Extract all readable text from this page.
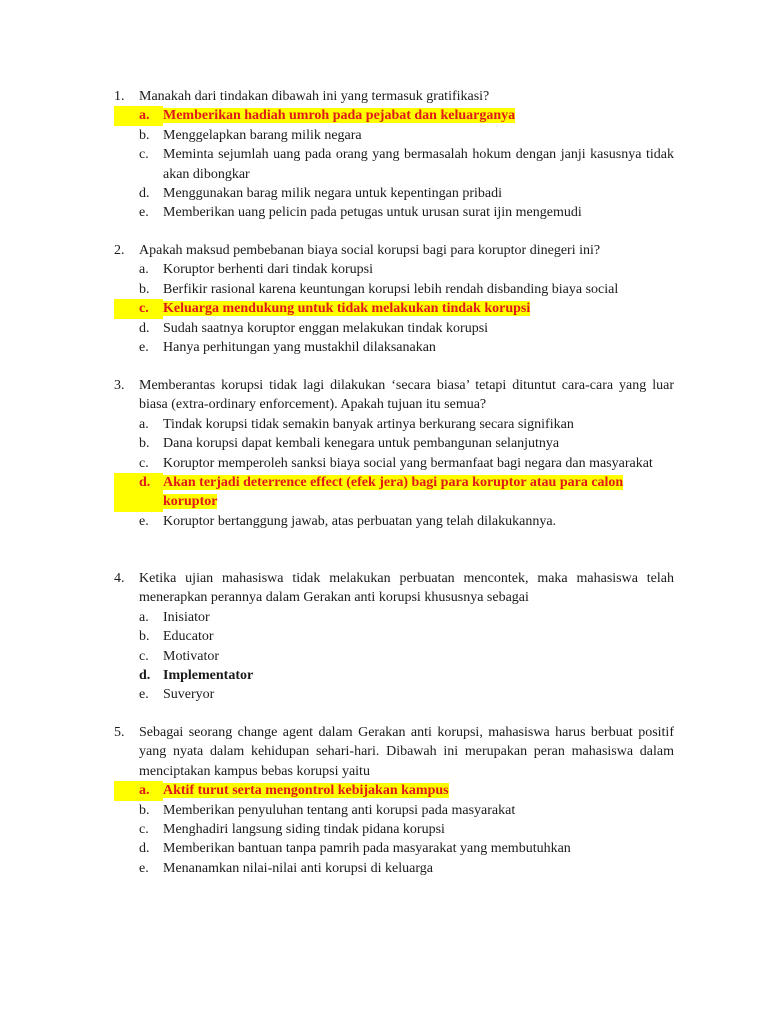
1.	Manakah dari tindakan dibawah ini yang termasuk gratifikasi?
a. Memberikan hadiah umroh pada pejabat dan keluarganya
b. Menggelapkan barang milik negara
c.	Meminta sejumlah uang pada orang yang bermasalah hokum dengan janji kasusnya tidak akan dibongkar
d. Menggunakan barag milik negara untuk kepentingan pribadi
e.	Memberikan uang pelicin pada petugas untuk urusan surat ijin mengemudi
2.	Apakah maksud pembebanan biaya social korupsi bagi para koruptor dinegeri ini?
a.	Koruptor berhenti dari tindak korupsi
b. Berfikir rasional karena keuntungan korupsi lebih rendah disbanding biaya social
c.	Keluarga mendukung untuk tidak melakukan tindak korupsi
d. Sudah saatnya koruptor enggan melakukan tindak korupsi
e.	Hanya perhitungan yang mustakhil dilaksanakan
3.	Memberantas korupsi tidak lagi dilakukan ‘secara biasa’ tetapi dituntut cara-cara yang luar biasa (extra-ordinary enforcement). Apakah tujuan itu semua?
a.	Tindak korupsi tidak semakin banyak artinya berkurang secara signifikan
b. Dana korupsi dapat kembali kenegara untuk pembangunan selanjutnya
c.	Koruptor memperoleh sanksi biaya social yang bermanfaat bagi negara dan masyarakat
d. Akan terjadi deterrence effect (efek jera) bagi para koruptor atau para calon koruptor
e.	Koruptor bertanggung jawab, atas perbuatan yang telah dilakukannya.
4.	Ketika ujian mahasiswa tidak melakukan perbuatan mencontek, maka mahasiswa telah menerapkan perannya dalam Gerakan anti korupsi khususnya sebagai
a.	Inisiator
b. Educator
c.	Motivator
d. Implementator
e.	Suveryor
5.	Sebagai seorang change agent dalam Gerakan anti korupsi, mahasiswa harus berbuat positif yang nyata dalam kehidupan sehari-hari. Dibawah ini merupakan peran mahasiswa dalam menciptakan kampus bebas korupsi yaitu
a. Aktif turut serta mengontrol kebijakan kampus
b. Memberikan penyuluhan tentang anti korupsi pada masyarakat
c.	Menghadiri langsung siding tindak pidana korupsi
d. Memberikan bantuan tanpa pamrih pada masyarakat yang membutuhkan
e.	Menanamkan nilai-nilai anti korupsi di keluarga
